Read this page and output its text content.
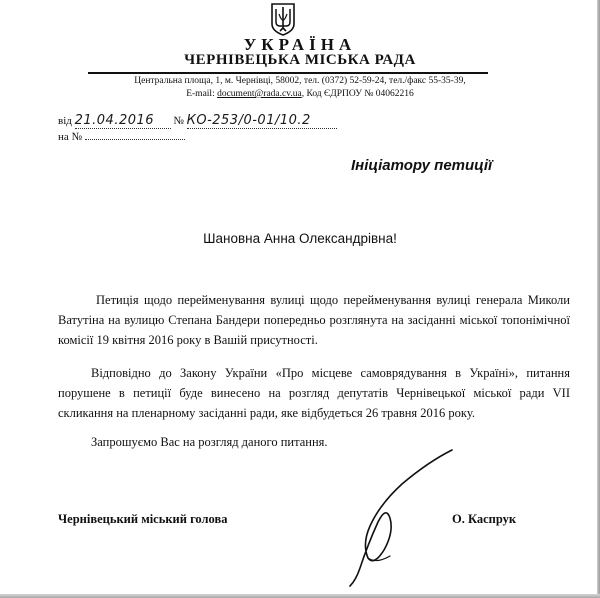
УКРАЇНА
ЧЕРНІВЕЦЬКА МІСЬКА РАДА
Центральна площа, 1, м. Чернівці, 58002, тел. (0372) 52-59-24, тел./факс 55-35-39,
E-mail: document@rada.cv.ua, Код ЄДРПОУ № 04062216
від 21.04.2016 № КО-253/0-01/10.2
на №
Ініціатору петиції
Шановна Анна Олександрівна!
Петиція щодо перейменування вулиці щодо перейменування вулиці генерала Миколи Ватутіна на вулицю Степана Бандери попередньо розглянута на засіданні міської топонімічної комісії 19 квітня 2016 року в Вашій присутності.
Відповідно до Закону України «Про місцеве самоврядування в Україні», питання порушене в петиції буде винесено на розгляд депутатів Чернівецької міської ради VII скликання на пленарному засіданні ради, яке відбудеться 26 травня 2016 року.
Запрошуємо Вас на розгляд даного питання.
Чернівецький міський голова	О. Каспрук
